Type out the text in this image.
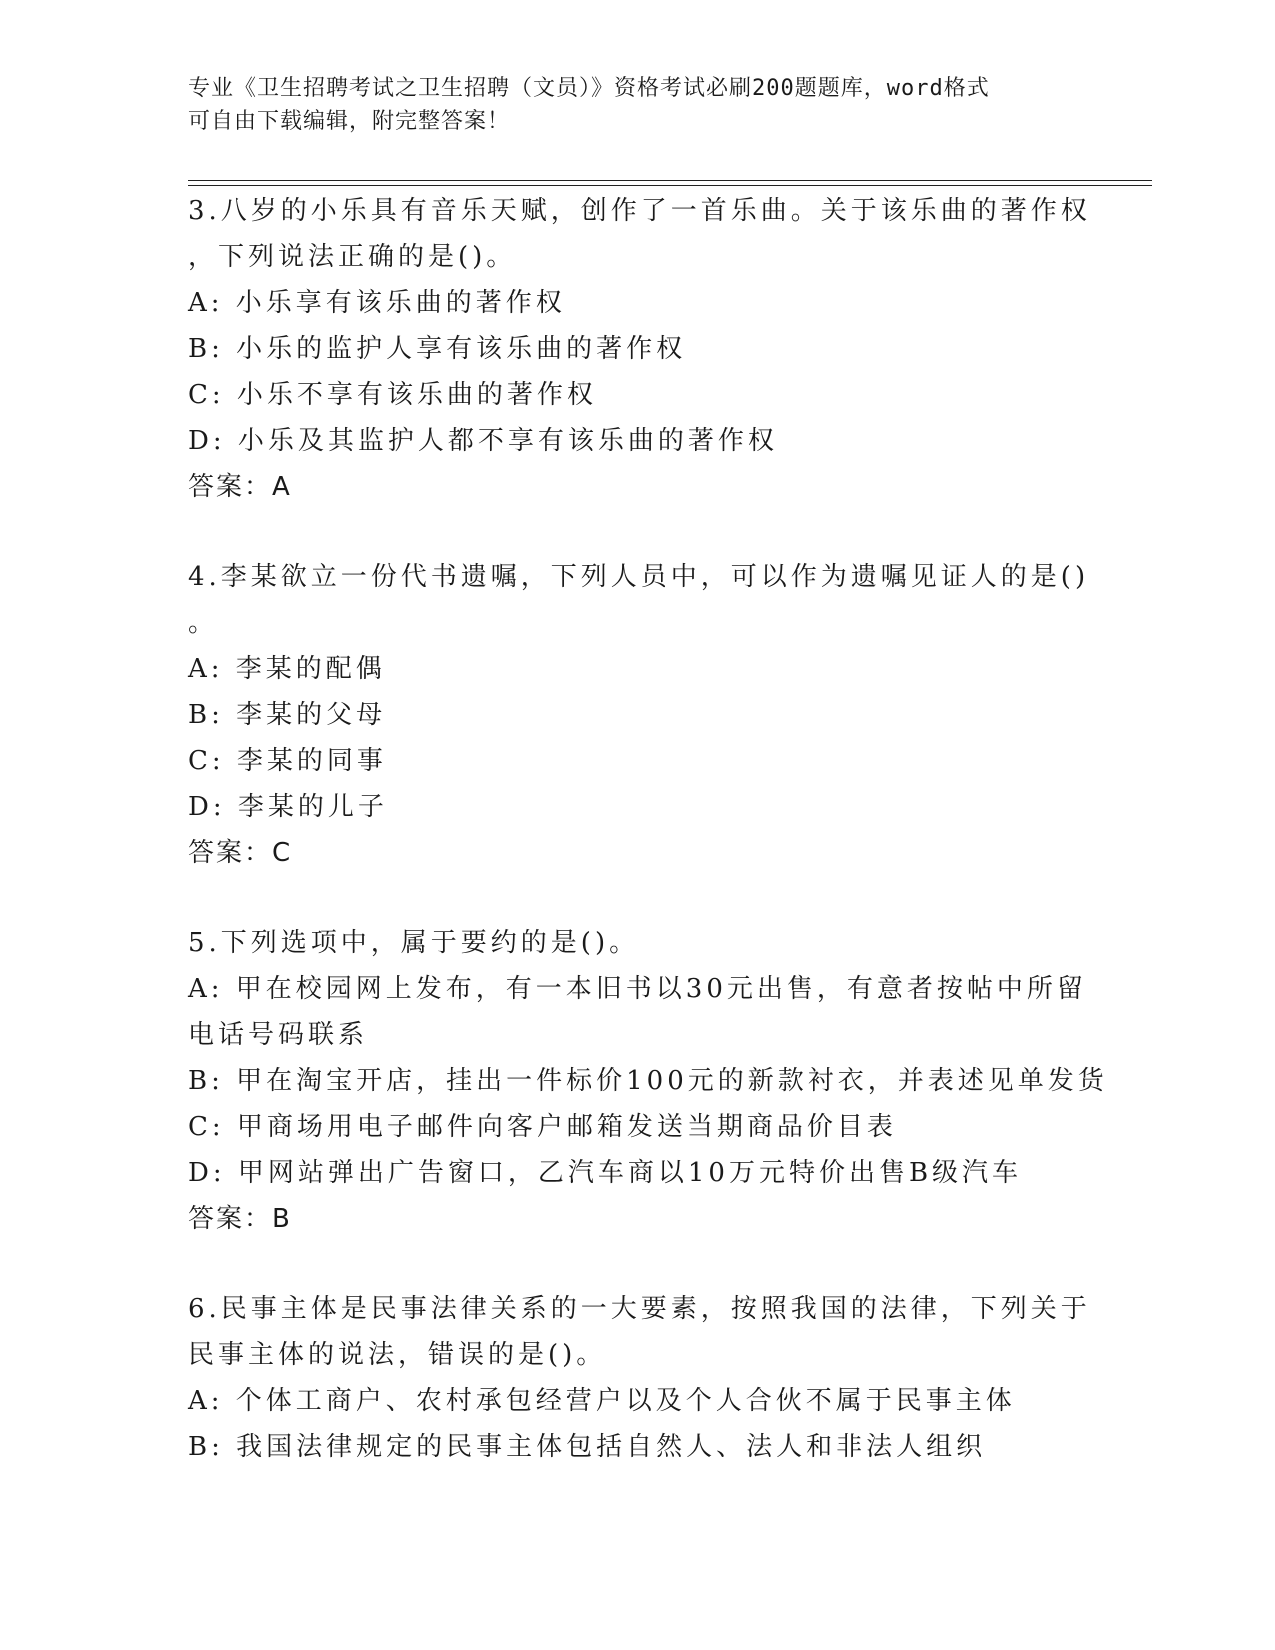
专业《卫生招聘考试之卫生招聘（文员）》资格考试必刷200题题库，word格式
可自由下载编辑，附完整答案！
3.八岁的小乐具有音乐天赋，创作了一首乐曲。关于该乐曲的著作权
，下列说法正确的是()。
A: 小乐享有该乐曲的著作权
B: 小乐的监护人享有该乐曲的著作权
C: 小乐不享有该乐曲的著作权
D: 小乐及其监护人都不享有该乐曲的著作权
答案：A
4.李某欲立一份代书遗嘱，下列人员中，可以作为遗嘱见证人的是()
。
A: 李某的配偶
B: 李某的父母
C: 李某的同事
D: 李某的儿子
答案：C
5.下列选项中，属于要约的是()。
A: 甲在校园网上发布，有一本旧书以30元出售，有意者按帖中所留
电话号码联系
B: 甲在淘宝开店，挂出一件标价100元的新款衬衣，并表述见单发货
C: 甲商场用电子邮件向客户邮箱发送当期商品价目表
D: 甲网站弹出广告窗口，乙汽车商以10万元特价出售B级汽车
答案：B
6.民事主体是民事法律关系的一大要素，按照我国的法律，下列关于
民事主体的说法，错误的是()。
A: 个体工商户、农村承包经营户以及个人合伙不属于民事主体
B: 我国法律规定的民事主体包括自然人、法人和非法人组织
